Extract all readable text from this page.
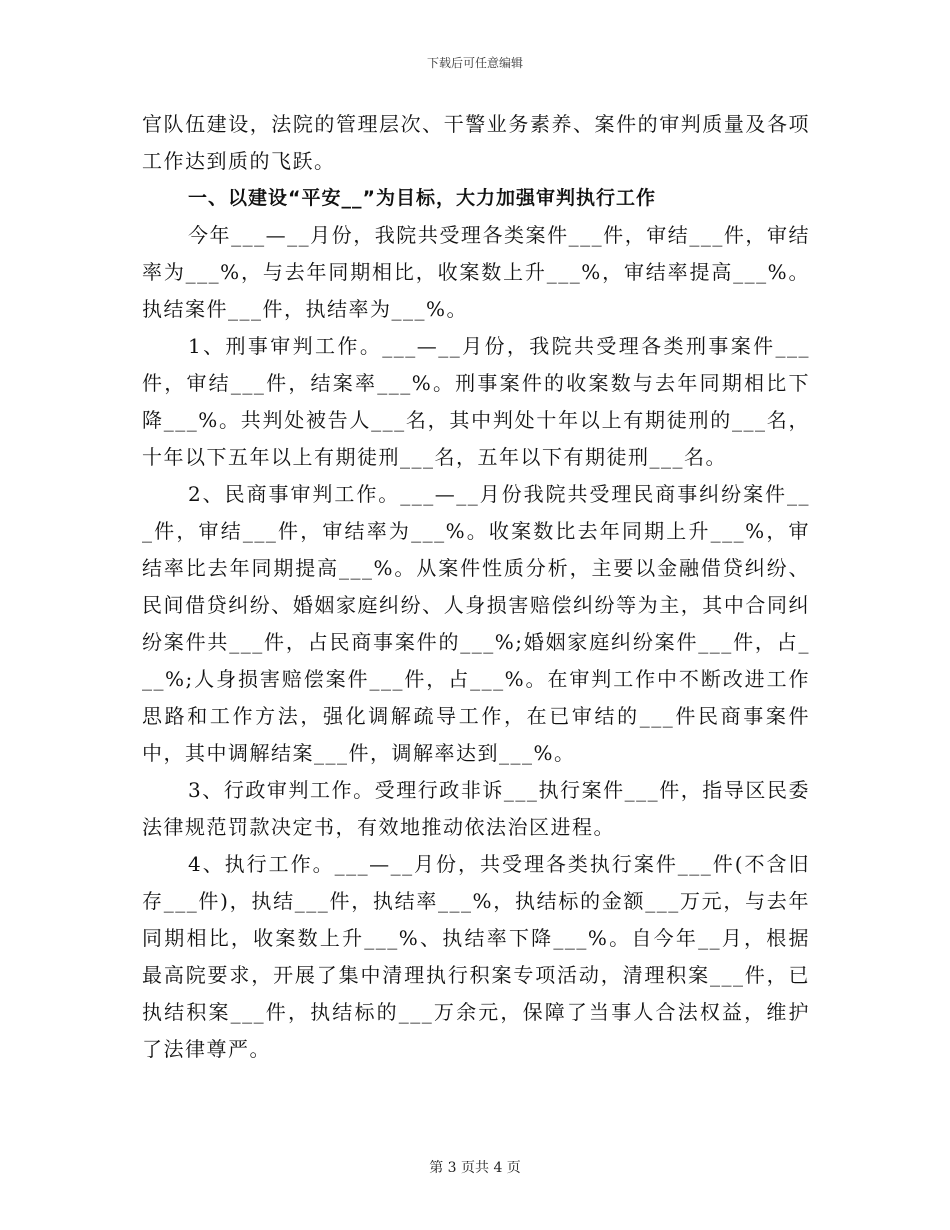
下载后可任意编辑

官队伍建设，法院的管理层次、干警业务素养、案件的审判质量及各项工作达到质的飞跃。

一、以建设“平安__”为目标，大力加强审判执行工作

今年___—__月份，我院共受理各类案件___件，审结___件，审结率为___%，与去年同期相比，收案数上升___%，审结率提高___%。执结案件___件，执结率为___%。

1、刑事审判工作。___—__月份，我院共受理各类刑事案件___件，审结___件，结案率___%。刑事案件的收案数与去年同期相比下降___%。共判处被告人___名，其中判处十年以上有期徒刑的___名，十年以下五年以上有期徒刑___名，五年以下有期徒刑___名。

2、民商事审判工作。___—__月份我院共受理民商事纠纷案件___件，审结___件，审结率为___%。收案数比去年同期上升___%，审结率比去年同期提高___%。从案件性质分析，主要以金融借贷纠纷、民间借贷纠纷、婚姻家庭纠纷、人身损害赔偿纠纷等为主，其中合同纠纷案件共___件，占民商事案件的___%;婚姻家庭纠纷案件___件，占___%;人身损害赔偿案件___件，占___%。在审判工作中不断改进工作思路和工作方法，强化调解疏导工作，在已审结的___件民商事案件中，其中调解结案___件，调解率达到___%。

3、行政审判工作。受理行政非诉___执行案件___件，指导区民委法律规范罚款决定书，有效地推动依法治区进程。

4、执行工作。___—__月份，共受理各类执行案件___件(不含旧存___件)，执结___件，执结率___%，执结标的金额___万元，与去年同期相比，收案数上升___%、执结率下降___%。自今年__月，根据最高院要求，开展了集中清理执行积案专项活动，清理积案___件，已执结积案___件，执结标的___万余元，保障了当事人合法权益，维护了法律尊严。

第 3 页共 4 页
